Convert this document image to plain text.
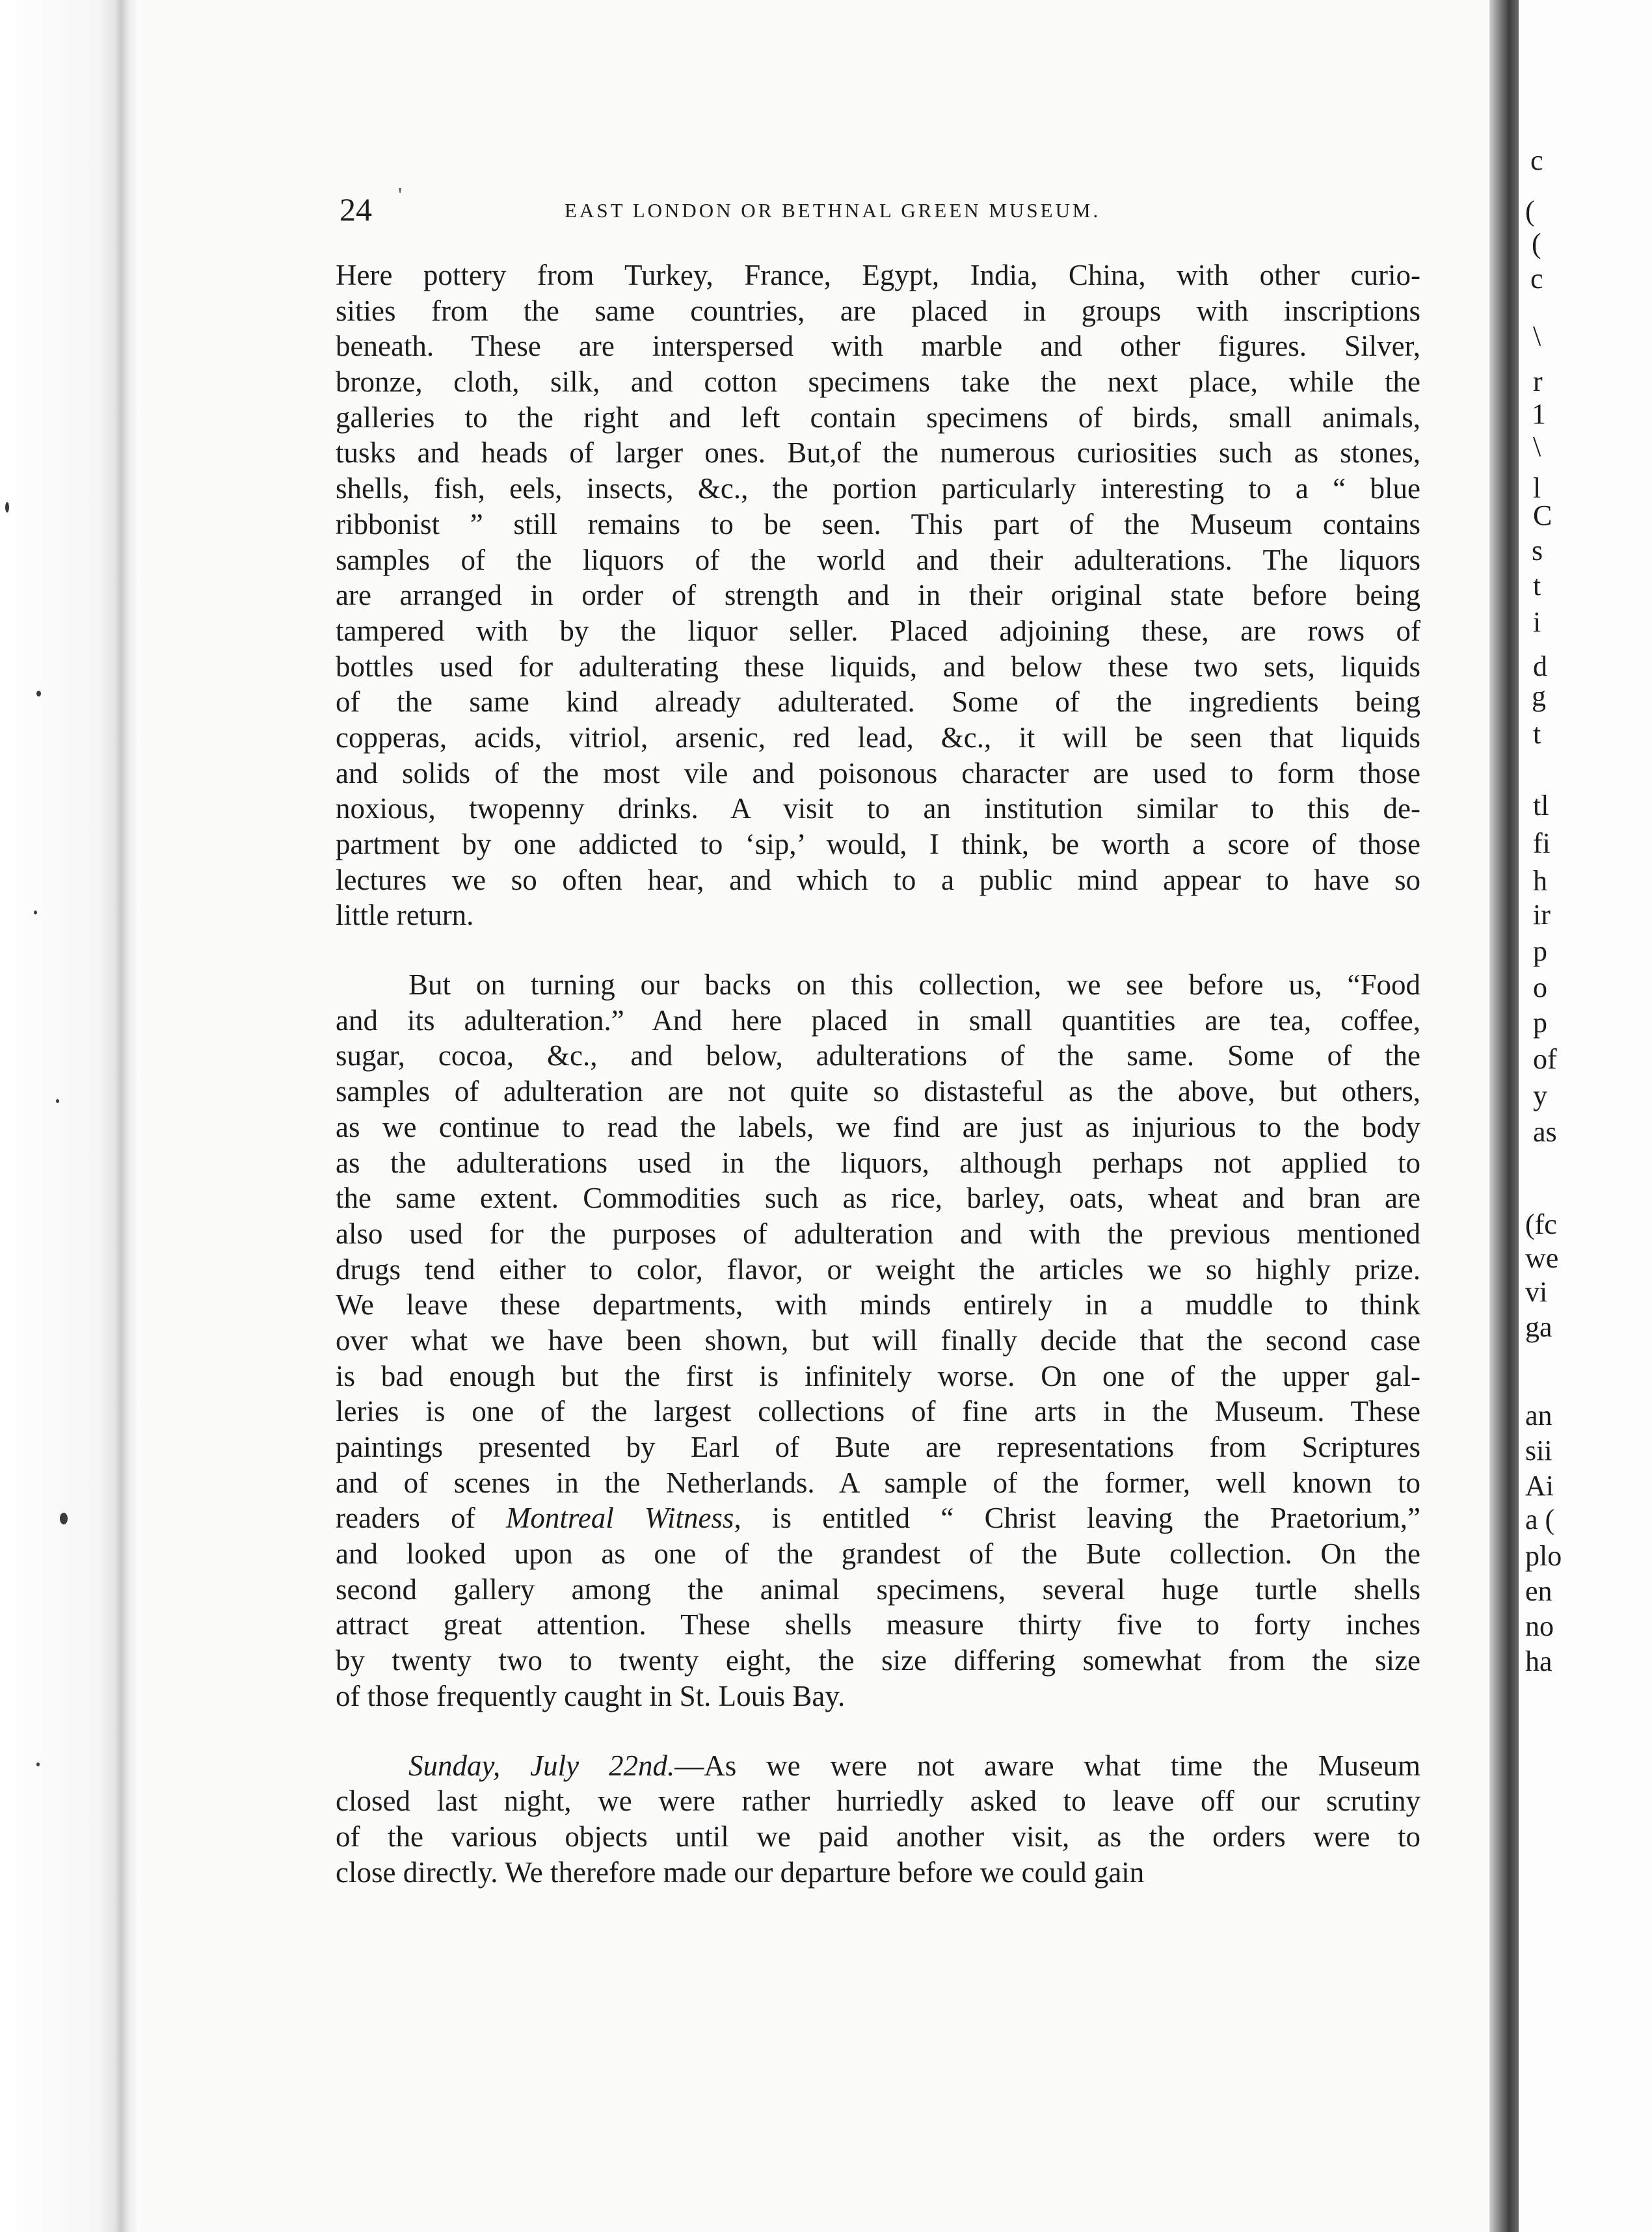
c
(
(
c
\
r
1
\
l
C
s
t
i
d
g
t
tl
fi
h
ir
p
o
p
of
y
as
(fc
we
vi
ga
an
sii
Ai
a (
plo
en
no
ha
24 '
EAST LONDON OR BETHNAL GREEN MUSEUM.
Here pottery from Turkey, France, Egypt, India, China, with other curio-
sities from the same countries, are placed in groups with inscriptions
beneath. These are interspersed with marble and other figures. Silver,
bronze, cloth, silk, and cotton specimens take the next place, while the
galleries to the right and left contain specimens of birds, small animals,
tusks and heads of larger ones. But,of the numerous curiosities such as stones,
shells, fish, eels, insects, &c., the portion particularly interesting to a “ blue
ribbonist ” still remains to be seen. This part of the Museum contains
samples of the liquors of the world and their adulterations. The liquors
are arranged in order of strength and in their original state before being
tampered with by the liquor seller. Placed adjoining these, are rows of
bottles used for adulterating these liquids, and below these two sets, liquids
of the same kind already adulterated. Some of the ingredients being
copperas, acids, vitriol, arsenic, red lead, &c., it will be seen that liquids
and solids of the most vile and poisonous character are used to form those
noxious, twopenny drinks. A visit to an institution similar to this de-
partment by one addicted to ‘sip,’ would, I think, be worth a score of those
lectures we so often hear, and which to a public mind appear to have so
little return.
But on turning our backs on this collection, we see before us, “Food
and its adulteration.” And here placed in small quantities are tea, coffee,
sugar, cocoa, &c., and below, adulterations of the same. Some of the
samples of adulteration are not quite so distasteful as the above, but others,
as we continue to read the labels, we find are just as injurious to the body
as the adulterations used in the liquors, although perhaps not applied to
the same extent. Commodities such as rice, barley, oats, wheat and bran are
also used for the purposes of adulteration and with the previous mentioned
drugs tend either to color, flavor, or weight the articles we so highly prize.
We leave these departments, with minds entirely in a muddle to think
over what we have been shown, but will finally decide that the second case
is bad enough but the first is infinitely worse. On one of the upper gal-
leries is one of the largest collections of fine arts in the Museum. These
paintings presented by Earl of Bute are representations from Scriptures
and of scenes in the Netherlands. A sample of the former, well known to
readers of Montreal Witness, is entitled “ Christ leaving the Praetorium,”
and looked upon as one of the grandest of the Bute collection. On the
second gallery among the animal specimens, several huge turtle shells
attract great attention. These shells measure thirty five to forty inches
by twenty two to twenty eight, the size differing somewhat from the size
of those frequently caught in St. Louis Bay.
Sunday, July 22nd.—As we were not aware what time the Museum
closed last night, we were rather hurriedly asked to leave off our scrutiny
of the various objects until we paid another visit, as the orders were to
close directly. We therefore made our departure before we could gain
